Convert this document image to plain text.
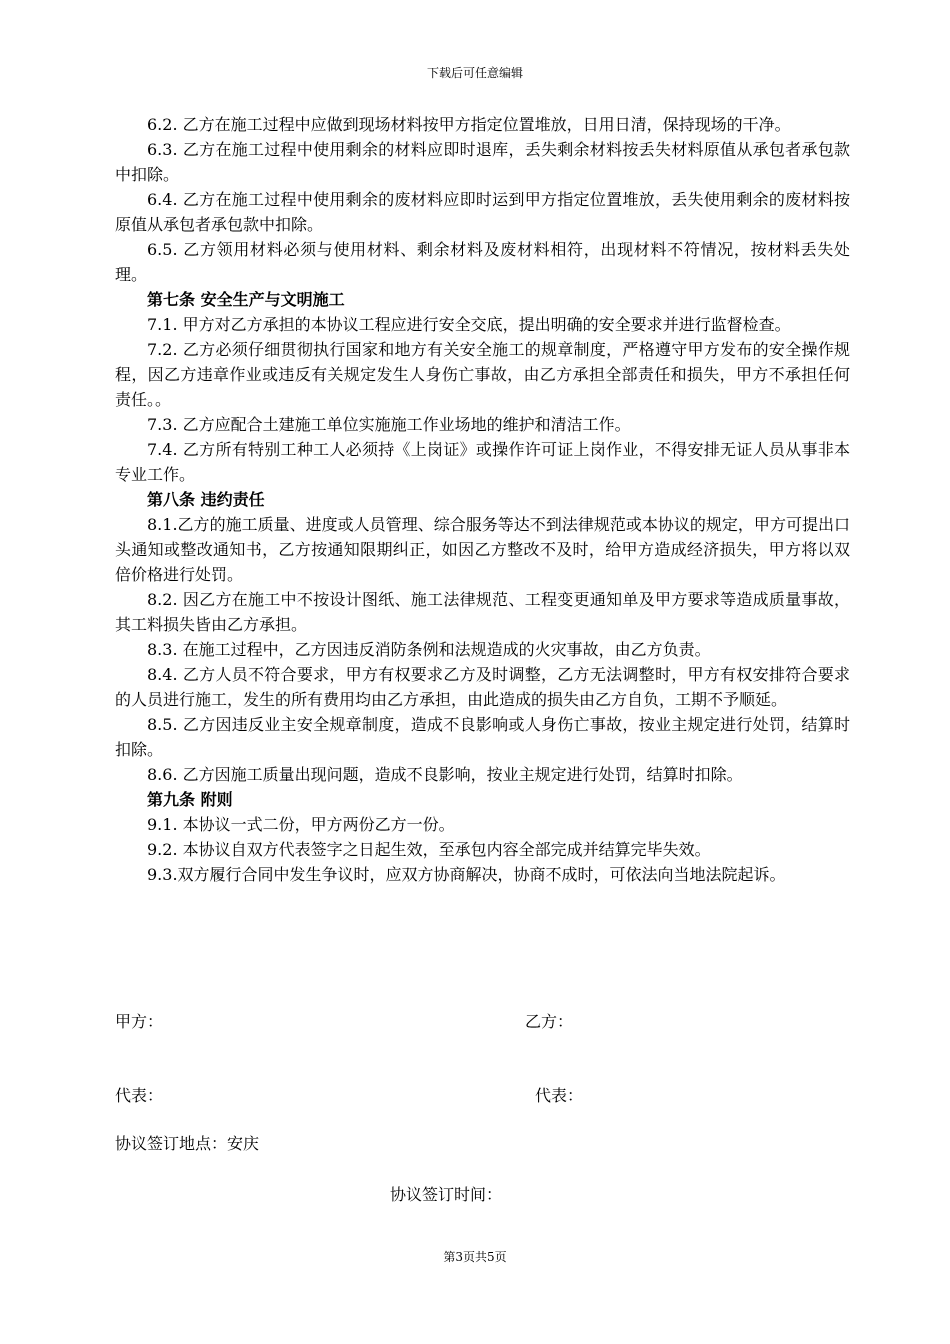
下载后可任意编辑

6.2. 乙方在施工过程中应做到现场材料按甲方指定位置堆放，日用日清，保持现场的干净。

6.3. 乙方在施工过程中使用剩余的材料应即时退库，丢失剩余材料按丢失材料原值从承包者承包款中扣除。

6.4. 乙方在施工过程中使用剩余的废材料应即时运到甲方指定位置堆放，丢失使用剩余的废材料按原值从承包者承包款中扣除。

6.5. 乙方领用材料必须与使用材料、剩余材料及废材料相符，出现材料不符情况，按材料丢失处理。

第七条 安全生产与文明施工

7.1. 甲方对乙方承担的本协议工程应进行安全交底，提出明确的安全要求并进行监督检查。

7.2. 乙方必须仔细贯彻执行国家和地方有关安全施工的规章制度，严格遵守甲方发布的安全操作规程，因乙方违章作业或违反有关规定发生人身伤亡事故，由乙方承担全部责任和损失，甲方不承担任何责任。。

7.3. 乙方应配合土建施工单位实施施工作业场地的维护和清洁工作。

7.4. 乙方所有特别工种工人必须持《上岗证》或操作许可证上岗作业，不得安排无证人员从事非本专业工作。

第八条 违约责任

8.1.乙方的施工质量、进度或人员管理、综合服务等达不到法律规范或本协议的规定，甲方可提出口头通知或整改通知书，乙方按通知限期纠正，如因乙方整改不及时，给甲方造成经济损失，甲方将以双倍价格进行处罚。

8.2. 因乙方在施工中不按设计图纸、施工法律规范、工程变更通知单及甲方要求等造成质量事故，其工料损失皆由乙方承担。

8.3. 在施工过程中，乙方因违反消防条例和法规造成的火灾事故，由乙方负责。

8.4. 乙方人员不符合要求，甲方有权要求乙方及时调整，乙方无法调整时，甲方有权安排符合要求的人员进行施工，发生的所有费用均由乙方承担，由此造成的损失由乙方自负，工期不予顺延。

8.5. 乙方因违反业主安全规章制度，造成不良影响或人身伤亡事故，按业主规定进行处罚，结算时扣除。

8.6. 乙方因施工质量出现问题，造成不良影响，按业主规定进行处罚，结算时扣除。

第九条 附则

9.1. 本协议一式二份，甲方两份乙方一份。

9.2. 本协议自双方代表签字之日起生效，至承包内容全部完成并结算完毕失效。

9.3.双方履行合同中发生争议时，应双方协商解决，协商不成时，可依法向当地法院起诉。

甲方：	乙方：
代表：	代表：
协议签订地点：安庆
协议签订时间：
第3页共5页
